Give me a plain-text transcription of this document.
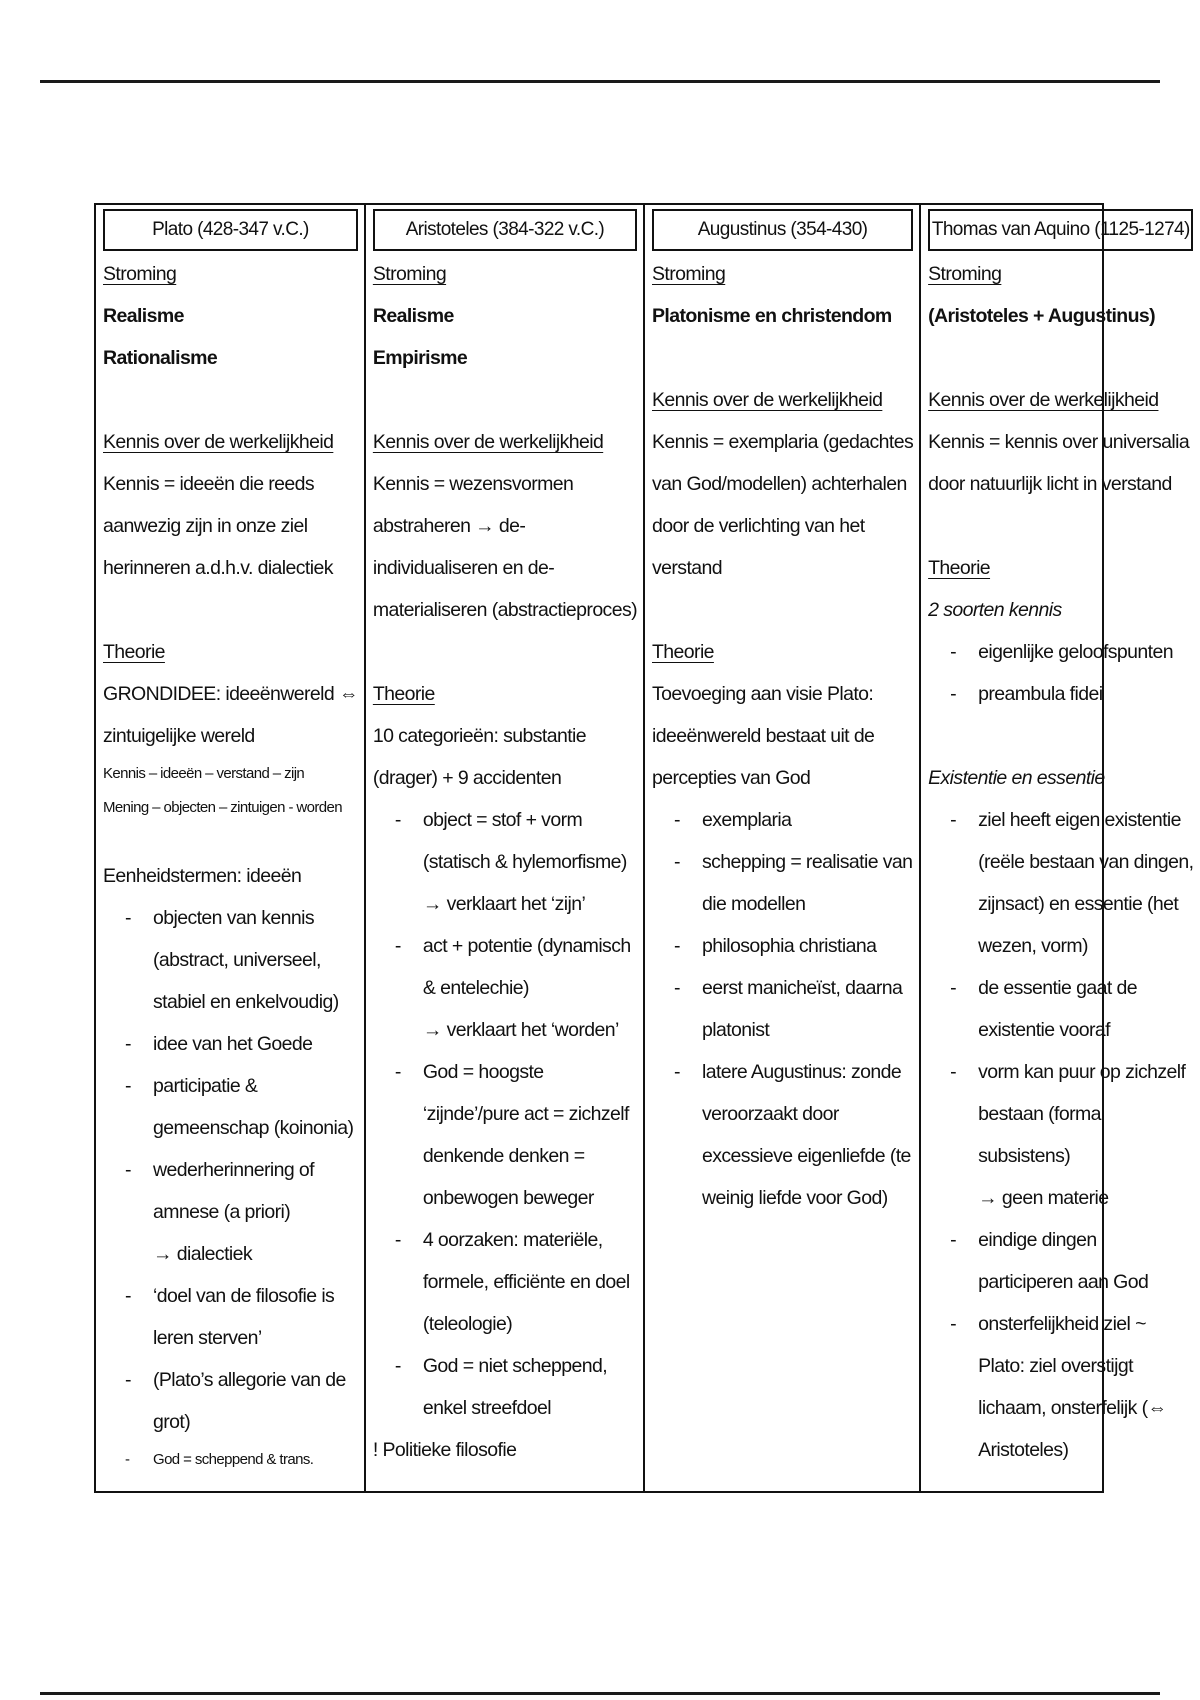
Plato (428-347 v.C.)
Stroming
Realisme
Rationalisme
Kennis over de werkelijkheid
Kennis = ideeën die reeds
aanwezig zijn in onze ziel
herinneren a.d.h.v. dialectiek
Theorie
GRONDIDEE: ideeënwereld ⇔
zintuigelijke wereld
Kennis – ideeën – verstand – zijn
Mening – objecten – zintuigen - worden
Eenheidstermen: ideeën
- objecten van kennis
(abstract, universeel,
stabiel en enkelvoudig)
- idee van het Goede
- participatie &
gemeenschap (koinonia)
- wederherinnering of
amnese (a priori)
→ dialectiek
- ‘doel van de filosofie is
leren sterven’
- (Plato’s allegorie van de
grot)
- God = scheppend & trans.
Aristoteles (384-322 v.C.)
Stroming
Realisme
Empirisme
Kennis over de werkelijkheid
Kennis = wezensvormen
abstraheren → de-
individualiseren en de-
materialiseren (abstractieproces)
Theorie
10 categorieën: substantie
(drager) + 9 accidenten
- object = stof + vorm
(statisch & hylemorfisme)
→ verklaart het ‘zijn’
- act + potentie (dynamisch
& entelechie)
→ verklaart het ‘worden’
- God = hoogste
‘zijnde’/pure act = zichzelf
denkende denken =
onbewogen beweger
- 4 oorzaken: materiële,
formele, efficiënte en doel
(teleologie)
- God = niet scheppend,
enkel streefdoel
! Politieke filosofie
Augustinus (354-430)
Stroming
Platonisme en christendom
Kennis over de werkelijkheid
Kennis = exemplaria (gedachtes
van God/modellen) achterhalen
door de verlichting van het
verstand
Theorie
Toevoeging aan visie Plato:
ideeënwereld bestaat uit de
percepties van God
- exemplaria
- schepping = realisatie van
die modellen
- philosophia christiana
- eerst manicheïst, daarna
platonist
- latere Augustinus: zonde
veroorzaakt door
excessieve eigenliefde (te
weinig liefde voor God)
Thomas van Aquino (1125-1274)
Stroming
(Aristoteles + Augustinus)
Kennis over de werkelijkheid
Kennis = kennis over universalia
door natuurlijk licht in verstand
Theorie
2 soorten kennis
- eigenlijke geloofspunten
- preambula fidei
Existentie en essentie
- ziel heeft eigen existentie
(reële bestaan van dingen,
zijnsact) en essentie (het
wezen, vorm)
- de essentie gaat de
existentie vooraf
- vorm kan puur op zichzelf
bestaan (forma
subsistens)
→ geen materie
- eindige dingen
participeren aan God
- onsterfelijkheid ziel ~
Plato: ziel overstijgt
lichaam, onsterfelijk (⇔
Aristoteles)
